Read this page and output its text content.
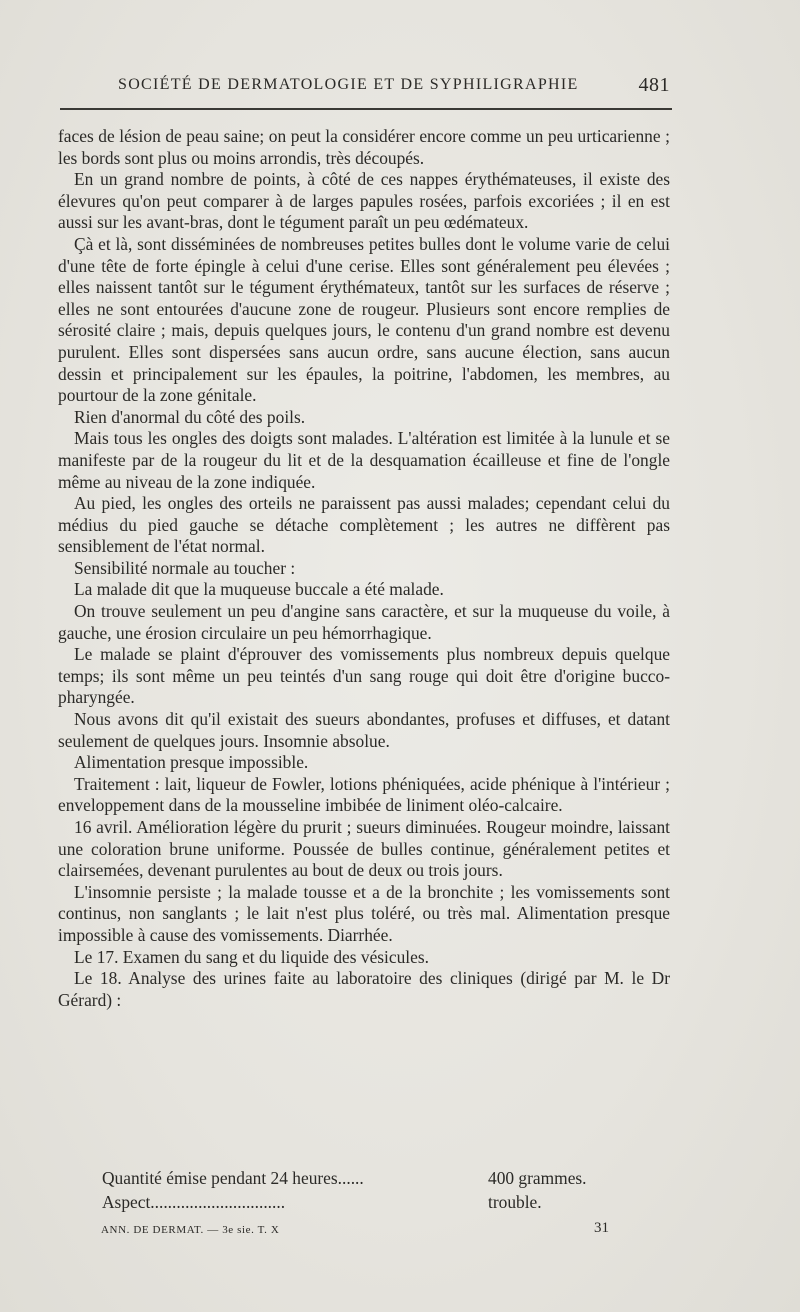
SOCIÉTÉ DE DERMATOLOGIE ET DE SYPHILIGRAPHIE	481

faces de lésion de peau saine; on peut la considérer encore comme un peu urticarienne ; les bords sont plus ou moins arrondis, très découpés.

En un grand nombre de points, à côté de ces nappes érythémateuses, il existe des élevures qu'on peut comparer à de larges papules rosées, parfois excoriées ; il en est aussi sur les avant-bras, dont le tégument paraît un peu œdémateux.

Çà et là, sont disséminées de nombreuses petites bulles dont le volume varie de celui d'une tête de forte épingle à celui d'une cerise. Elles sont généralement peu élevées ; elles naissent tantôt sur le tégument érythémateux, tantôt sur les surfaces de réserve ; elles ne sont entourées d'aucune zone de rougeur. Plusieurs sont encore remplies de sérosité claire ; mais, depuis quelques jours, le contenu d'un grand nombre est devenu purulent. Elles sont dispersées sans aucun ordre, sans aucune élection, sans aucun dessin et principalement sur les épaules, la poitrine, l'abdomen, les membres, au pourtour de la zone génitale.

Rien d'anormal du côté des poils.

Mais tous les ongles des doigts sont malades. L'altération est limitée à la lunule et se manifeste par de la rougeur du lit et de la desquamation écailleuse et fine de l'ongle même au niveau de la zone indiquée.

Au pied, les ongles des orteils ne paraissent pas aussi malades; cependant celui du médius du pied gauche se détache complètement ; les autres ne diffèrent pas sensiblement de l'état normal.

Sensibilité normale au toucher :

La malade dit que la muqueuse buccale a été malade.

On trouve seulement un peu d'angine sans caractère, et sur la muqueuse du voile, à gauche, une érosion circulaire un peu hémorrhagique.

Le malade se plaint d'éprouver des vomissements plus nombreux depuis quelque temps; ils sont même un peu teintés d'un sang rouge qui doit être d'origine bucco-pharyngée.

Nous avons dit qu'il existait des sueurs abondantes, profuses et diffuses, et datant seulement de quelques jours. Insomnie absolue.

Alimentation presque impossible.

Traitement : lait, liqueur de Fowler, lotions phéniquées, acide phénique à l'intérieur ; enveloppement dans de la mousseline imbibée de liniment oléo-calcaire.

16 avril. Amélioration légère du prurit ; sueurs diminuées. Rougeur moindre, laissant une coloration brune uniforme. Poussée de bulles continue, généralement petites et clairsemées, devenant purulentes au bout de deux ou trois jours.

L'insomnie persiste ; la malade tousse et a de la bronchite ; les vomissements sont continus, non sanglants ; le lait n'est plus toléré, ou très mal. Alimentation presque impossible à cause des vomissements. Diarrhée.

Le 17. Examen du sang et du liquide des vésicules.

Le 18. Analyse des urines faite au laboratoire des cliniques (dirigé par M. le Dr Gérard) :

Quantité émise pendant 24 heures......	400 grammes.
Aspect...............................	trouble.
ANN. DE DERMAT. — 3e sie. T. X	31
